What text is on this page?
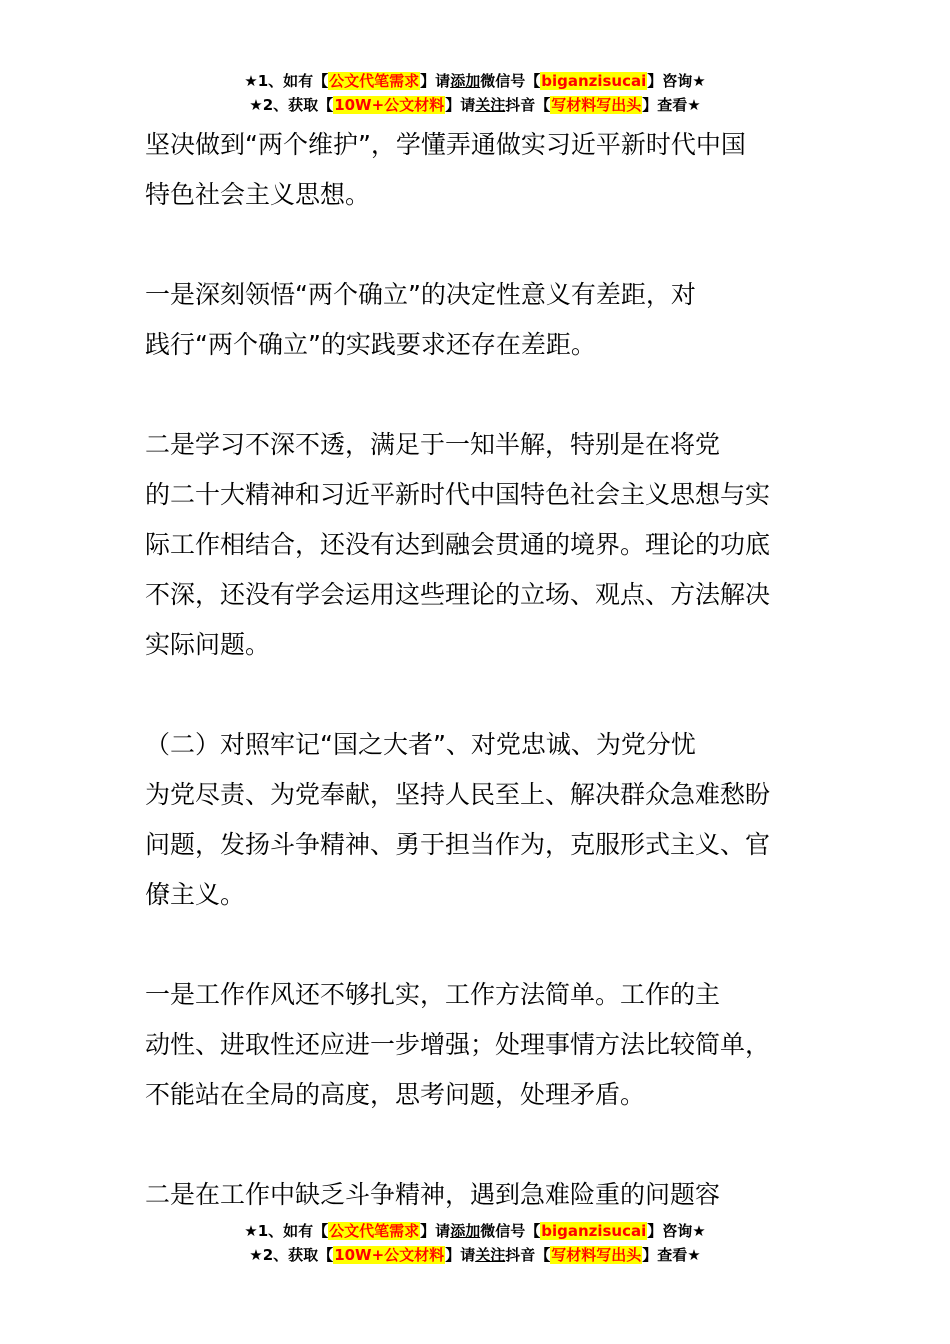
★1、如有【公文代笔需求】请添加微信号【biganzisucai】咨询★
★2、获取【10W+公文材料】请关注抖音【写材料写出头】查看★

坚决做到“两个维护”，学懂弄通做实习近平新时代中国
特色社会主义思想。

一是深刻领悟“两个确立”的决定性意义有差距，对
践行“两个确立”的实践要求还存在差距。

二是学习不深不透，满足于一知半解，特别是在将党
的二十大精神和习近平新时代中国特色社会主义思想与实
际工作相结合，还没有达到融会贯通的境界。理论的功底
不深，还没有学会运用这些理论的立场、观点、方法解决
实际问题。

（二）对照牢记“国之大者”、对党忠诚、为党分忧
为党尽责、为党奉献，坚持人民至上、解决群众急难愁盼
问题，发扬斗争精神、勇于担当作为，克服形式主义、官
僚主义。

一是工作作风还不够扎实，工作方法简单。工作的主
动性、进取性还应进一步增强；处理事情方法比较简单，
不能站在全局的高度，思考问题，处理矛盾。

二是在工作中缺乏斗争精神，遇到急难险重的问题容

★1、如有【公文代笔需求】请添加微信号【biganzisucai】咨询★
★2、获取【10W+公文材料】请关注抖音【写材料写出头】查看★
